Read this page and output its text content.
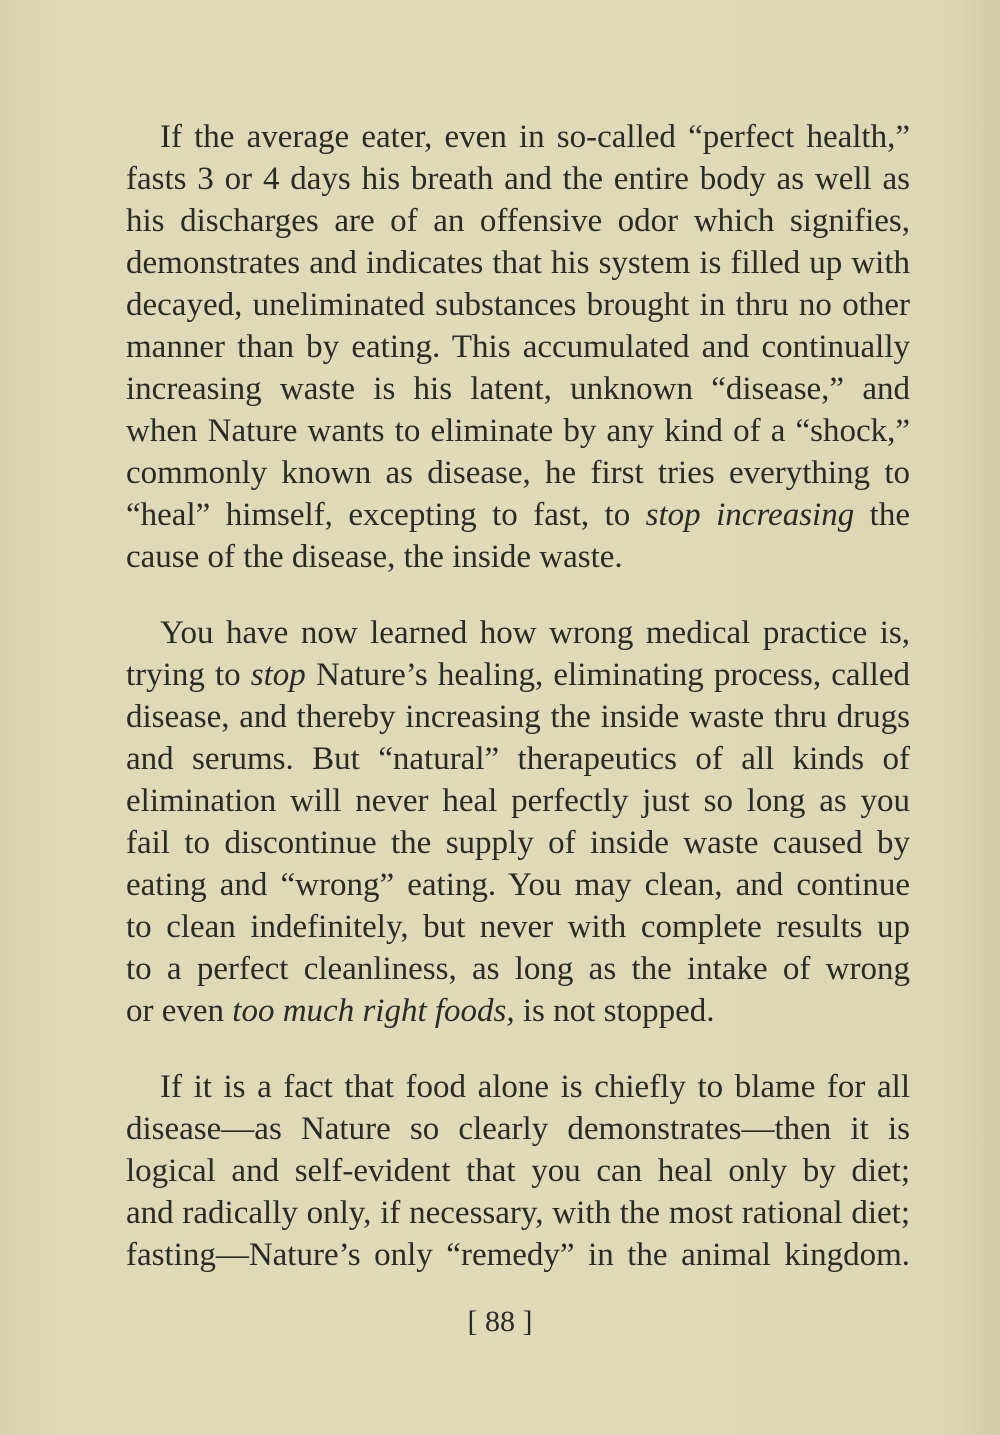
If the average eater, even in so-called “perfect health,”
fasts 3 or 4 days his breath and the entire body as well as
his discharges are of an offensive odor which signifies,
demonstrates and indicates that his system is filled up with
decayed, uneliminated substances brought in thru no other
manner than by eating. This accumulated and continually
increasing waste is his latent, unknown “disease,” and
when Nature wants to eliminate by any kind of a “shock,”
commonly known as disease, he first tries everything to
“heal” himself, excepting to fast, to stop increasing the
cause of the disease, the inside waste.

You have now learned how wrong medical practice is,
trying to stop Nature’s healing, eliminating process, called
disease, and thereby increasing the inside waste thru drugs
and serums. But “natural” therapeutics of all kinds of
elimination will never heal perfectly just so long as you
fail to discontinue the supply of inside waste caused by
eating and “wrong” eating. You may clean, and continue
to clean indefinitely, but never with complete results up
to a perfect cleanliness, as long as the intake of wrong
or even too much right foods, is not stopped.

If it is a fact that food alone is chiefly to blame for all
disease—as Nature so clearly demonstrates—then it is
logical and self-evident that you can heal only by diet;
and radically only, if necessary, with the most rational diet;
fasting—Nature’s only “remedy” in the animal kingdom.

[ 88 ]
